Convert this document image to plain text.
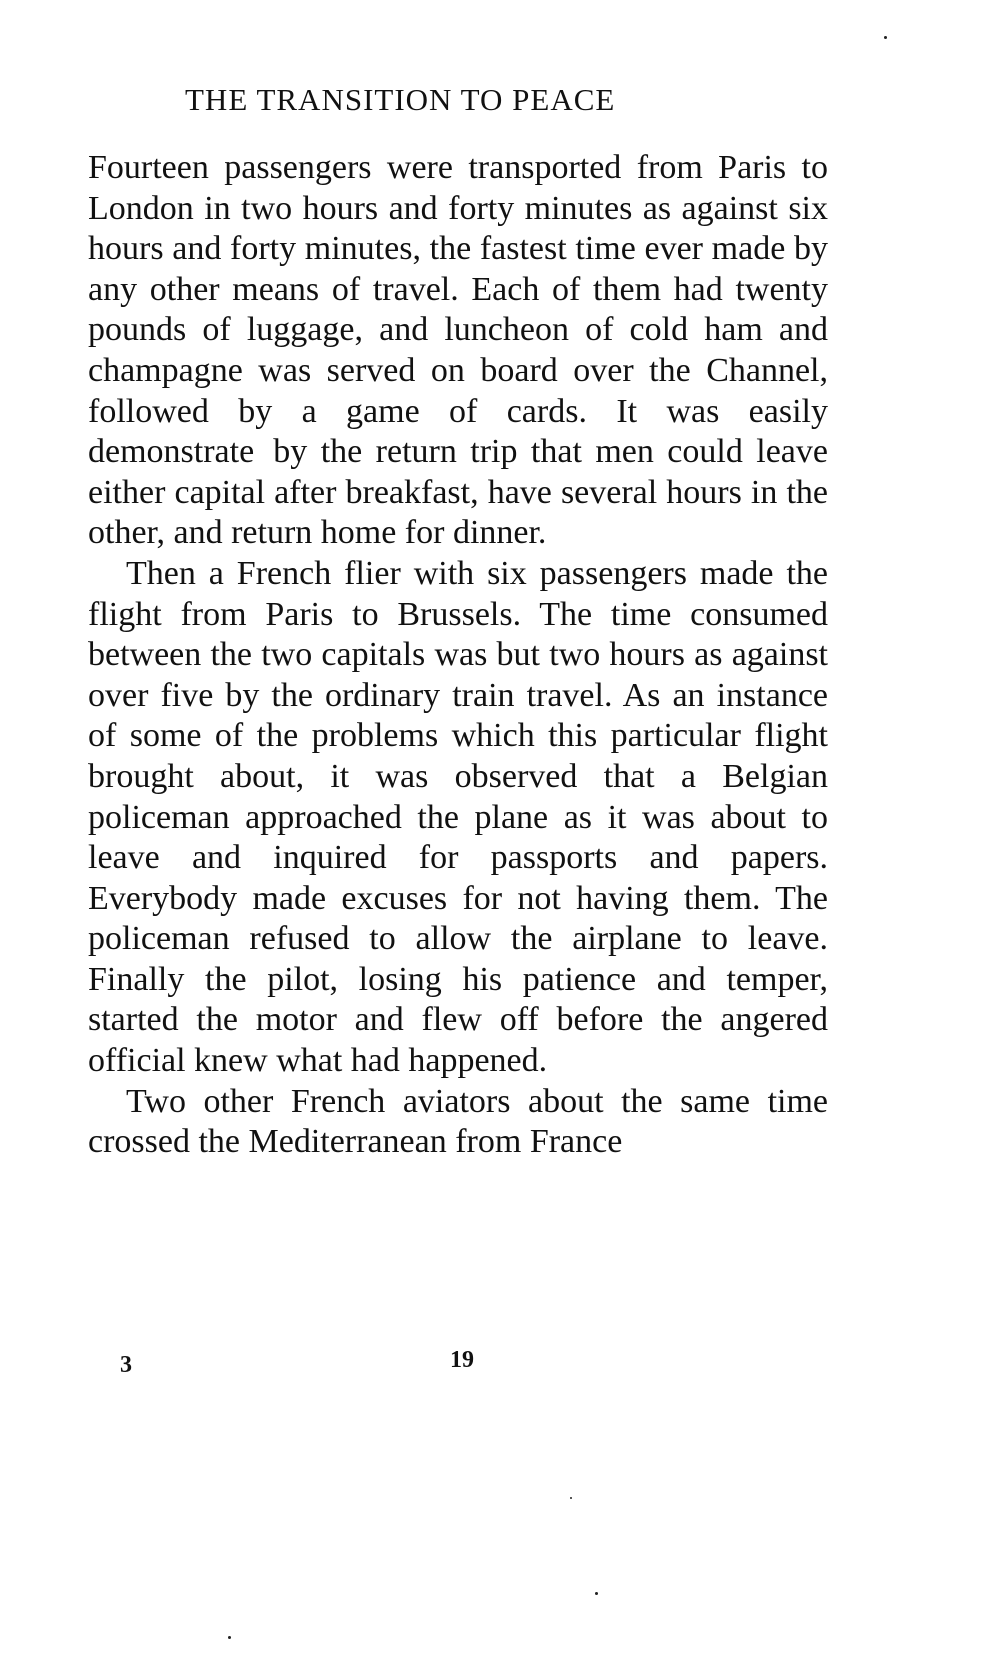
THE TRANSITION TO PEACE

Fourteen passengers were transported from Paris to London in two hours and forty minutes as against six hours and forty minutes, the fastest time ever made by any other means of travel. Each of them had twenty pounds of luggage, and luncheon of cold ham and champagne was served on board over the Channel, followed by a game of cards. It was easily demonstrate   by the return trip that men could leave either capital after breakfast, have several hours in the other, and return home for dinner.

Then a French flier with six passengers made the flight from Paris to Brussels. The time consumed between the two capitals was but two hours as against over five by the ordinary train travel. As an instance of some of the problems which this particular flight brought about, it was observed that a Belgian policeman approached the plane as it was about to leave and inquired for passports and papers. Everybody made excuses for not having them. The policeman refused to allow the airplane to leave. Finally the pilot, losing his patience and temper, started the motor and flew off before the angered official knew what had happened.

Two other French aviators about the same time crossed the Mediterranean from France

3	19
